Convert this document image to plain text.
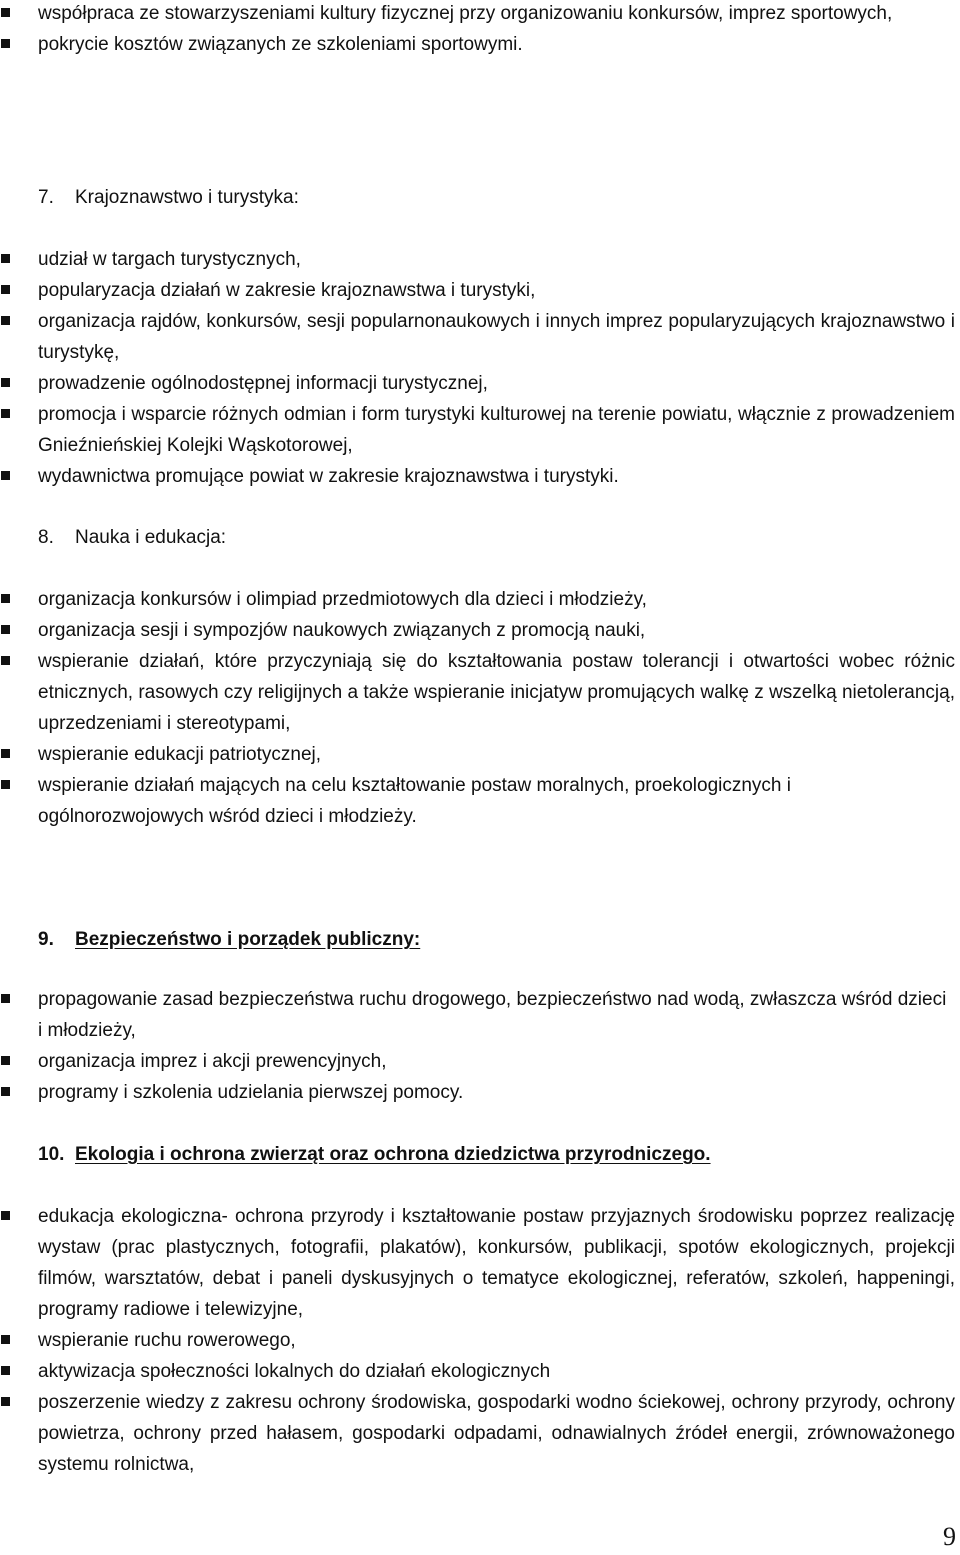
współpraca ze stowarzyszeniami kultury fizycznej przy organizowaniu konkursów, imprez sportowych,
pokrycie kosztów związanych ze szkoleniami sportowymi.
7. Krajoznawstwo i turystyka:
udział w targach turystycznych,
popularyzacja działań w zakresie krajoznawstwa i turystyki,
organizacja rajdów, konkursów, sesji popularnonaukowych i innych imprez popularyzujących krajoznawstwo i turystykę,
prowadzenie ogólnodostępnej informacji turystycznej,
promocja i wsparcie różnych odmian i form turystyki kulturowej na terenie powiatu, włącznie z prowadzeniem Gnieźnieńskiej Kolejki Wąskotorowej,
wydawnictwa promujące powiat w zakresie krajoznawstwa i turystyki.
8. Nauka i edukacja:
organizacja konkursów i olimpiad przedmiotowych dla dzieci i młodzieży,
organizacja sesji i sympozjów naukowych związanych z promocją nauki,
wspieranie działań, które przyczyniają się do kształtowania postaw tolerancji i otwartości wobec różnic etnicznych, rasowych czy religijnych a także wspieranie inicjatyw promujących walkę z wszelką nietolerancją, uprzedzeniami i stereotypami,
wspieranie edukacji patriotycznej,
wspieranie działań mających na celu kształtowanie postaw moralnych, proekologicznych i ogólnorozwojowych wśród dzieci i młodzieży.
9. Bezpieczeństwo i porządek publiczny:
propagowanie zasad bezpieczeństwa ruchu drogowego, bezpieczeństwo nad wodą, zwłaszcza wśród dzieci i młodzieży,
organizacja imprez i akcji prewencyjnych,
programy i szkolenia udzielania pierwszej pomocy.
10. Ekologia i ochrona zwierząt oraz ochrona dziedzictwa przyrodniczego.
edukacja ekologiczna- ochrona przyrody i kształtowanie postaw przyjaznych środowisku poprzez realizację wystaw (prac plastycznych, fotografii, plakatów), konkursów, publikacji, spotów ekologicznych, projekcji filmów, warsztatów, debat i paneli dyskusyjnych o tematyce ekologicznej, referatów, szkoleń, happeningi, programy radiowe i telewizyjne,
wspieranie ruchu rowerowego,
aktywizacja społeczności lokalnych do działań ekologicznych
poszerzenie wiedzy z zakresu ochrony środowiska, gospodarki wodno ściekowej, ochrony przyrody, ochrony powietrza, ochrony przed hałasem, gospodarki odpadami, odnawialnych źródeł energii, zrównoważonego systemu rolnictwa,
9
